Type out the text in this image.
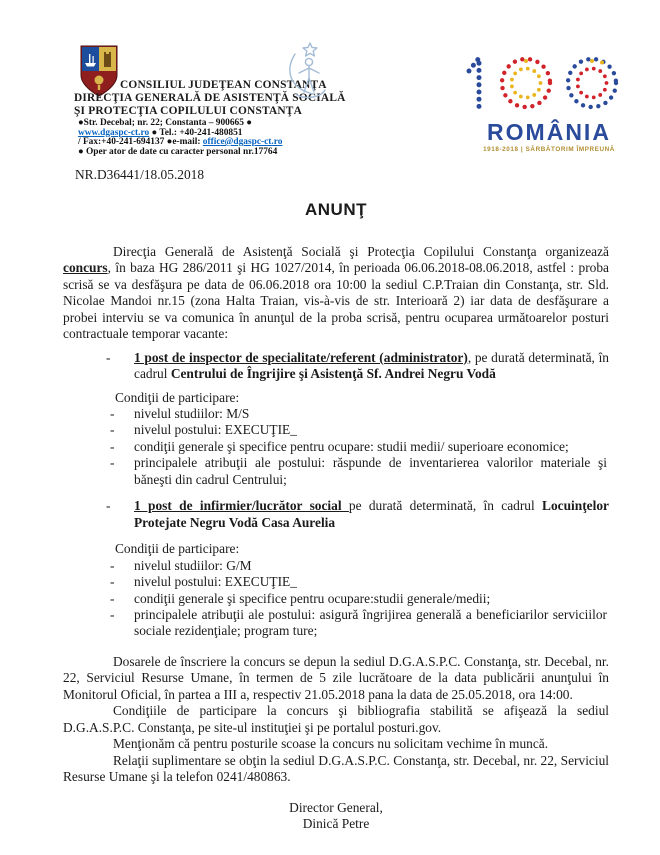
CONSILIUL JUDEŢEAN CONSTANŢA
DIRECŢIA GENERALĂ DE ASISTENŢĂ SOCIALĂ
ŞI PROTECŢIA COPILULUI CONSTANŢA
●Str. Decebal; nr. 22; Constanta – 900665 ●
www.dgaspc-ct.ro ● Tel.: +40-241-480851
/ Fax:+40-241-694137 ●e-mail: office@dgaspc-ct.ro
● Oper ator de date cu caracter personal nr.17764
ROMÂNIA
1918-2018 | SĂRBĂTORIM ÎMPREUNĂ
NR.D36441/18.05.2018
ANUNŢ

Direcţia Generală de Asistenţă Socială şi Protecţia Copilului Constanţa organizează concurs, în baza HG 286/2011 şi HG 1027/2014, în perioada 06.06.2018-08.06.2018, astfel : proba scrisă se va desfăşura pe data de 06.06.2018 ora 10:00 la sediul C.P.Traian din Constanţa, str. Sld. Nicolae Mandoi nr.15 (zona Halta Traian, vis-à-vis de str. Interioară 2) iar data de desfăşurare a probei interviu se va comunica în anunţul de la proba scrisă, pentru ocuparea următoarelor posturi contractuale temporar vacante:

-	1 post de inspector de specialitate/referent (administrator), pe durată determinată, în cadrul Centrului de Îngrijire şi Asistenţă Sf. Andrei Negru Vodă
Condiţii de participare:
-	nivelul studiilor: M/S
-	nivelul postului: EXECUŢIE_
-	condiţii generale şi specifice pentru ocupare: studii medii/ superioare economice;
-	principalele atribuţii ale postului: răspunde de inventarierea valorilor materiale şi băneşti din cadrul Centrului;
-	1 post de infirmier/lucrător social pe durată determinată, în cadrul Locuinţelor Protejate Negru Vodă Casa Aurelia
Condiţii de participare:
-	nivelul studiilor: G/M
-	nivelul postului: EXECUŢIE_
-	condiţii generale şi specifice pentru ocupare:studii generale/medii;
-	principalele atribuţii ale postului: asigură îngrijirea generală a beneficiarilor serviciilor sociale rezidenţiale; program ture;

Dosarele de înscriere la concurs se depun la sediul D.G.A.S.P.C. Constanţa, str. Decebal, nr. 22, Serviciul Resurse Umane, în termen de 5 zile lucrătoare de la data publicării anunţului în Monitorul Oficial, în partea a III a, respectiv 21.05.2018 pana la data de 25.05.2018, ora 14:00.

Condiţiile de participare la concurs şi bibliografia stabilită se afişează la sediul D.G.A.S.P.C. Constanţa, pe site-ul instituţiei şi pe portalul posturi.gov.

Menţionăm că pentru posturile scoase la concurs nu solicitam vechime în muncă.

Relaţii suplimentare se obţin la sediul D.G.A.S.P.C. Constanţa, str. Decebal, nr. 22, Serviciul Resurse Umane şi la telefon 0241/480863.

Director General,
Dinică Petre
